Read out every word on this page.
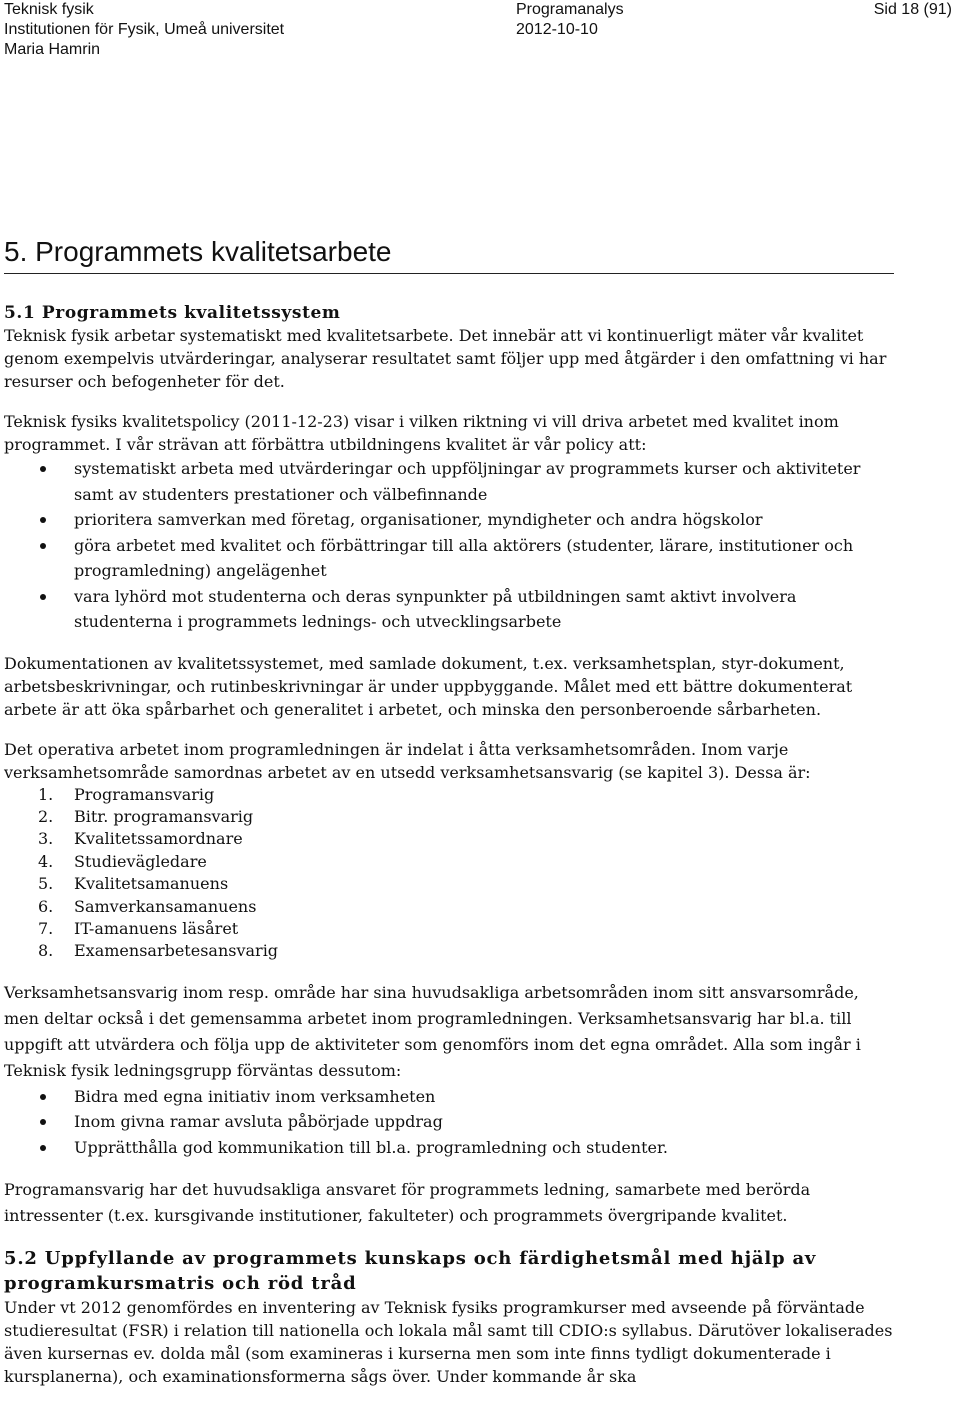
Teknisk fysik
Institutionen för Fysik, Umeå universitet
Maria Hamrin
Programanalys
2012-10-10
Sid 18 (91)
5. Programmets kvalitetsarbete
5.1 Programmets kvalitetssystem

Teknisk fysik arbetar systematiskt med kvalitetsarbete. Det innebär att vi kontinuerligt mäter vår kvalitet genom exempelvis utvärderingar, analyserar resultatet samt följer upp med åtgärder i den omfattning vi har resurser och befogenheter för det.

Teknisk fysiks kvalitetspolicy (2011-12-23) visar i vilken riktning vi vill driva arbetet med kvalitet inom programmet. I vår strävan att förbättra utbildningens kvalitet är vår policy att:

systematiskt arbeta med utvärderingar och uppföljningar av programmets kurser och aktiviteter samt av studenters prestationer och välbefinnande
prioritera samverkan med företag, organisationer, myndigheter och andra högskolor
göra arbetet med kvalitet och förbättringar till alla aktörers (studenter, lärare, institutioner och programledning) angelägenhet
vara lyhörd mot studenterna och deras synpunkter på utbildningen samt aktivt involvera studenterna i programmets lednings- och utvecklingsarbete

Dokumentationen av kvalitetssystemet, med samlade dokument, t.ex. verksamhetsplan, styr-dokument, arbetsbeskrivningar, och rutinbeskrivningar är under uppbyggande. Målet med ett bättre dokumenterat arbete är att öka spårbarhet och generalitet i arbetet, och minska den personberoende sårbarheten.

Det operativa arbetet inom programledningen är indelat i åtta verksamhetsområden. Inom varje verksamhetsområde samordnas arbetet av en utsedd verksamhetsansvarig (se kapitel 3). Dessa är:

1. Programansvarig
2. Bitr. programansvarig
3. Kvalitetssamordnare
4. Studievägledare
5. Kvalitetsamanuens
6. Samverkansamanuens
7. IT-amanuens läsåret
8. Examensarbetesansvarig

Verksamhetsansvarig inom resp. område har sina huvudsakliga arbetsområden inom sitt ansvarsområde, men deltar också i det gemensamma arbetet inom programledningen. Verksamhetsansvarig har bl.a. till uppgift att utvärdera och följa upp de aktiviteter som genomförs inom det egna området. Alla som ingår i Teknisk fysik ledningsgrupp förväntas dessutom:

Bidra med egna initiativ inom verksamheten
Inom givna ramar avsluta påbörjade uppdrag
Upprätthålla god kommunikation till bl.a. programledning och studenter.

Programansvarig har det huvudsakliga ansvaret för programmets ledning, samarbete med berörda intressenter (t.ex. kursgivande institutioner, fakulteter) och programmets övergripande kvalitet.

5.2 Uppfyllande av programmets kunskaps och färdighetsmål med hjälp av programkursmatris och röd tråd

Under vt 2012 genomfördes en inventering av Teknisk fysiks programkurser med avseende på förväntade studieresultat (FSR) i relation till nationella och lokala mål samt till CDIO:s syllabus. Därutöver lokaliserades även kursernas ev. dolda mål (som examineras i kurserna men som inte finns tydligt dokumenterade i kursplanerna), och examinationsformerna sågs över. Under kommande år ska
